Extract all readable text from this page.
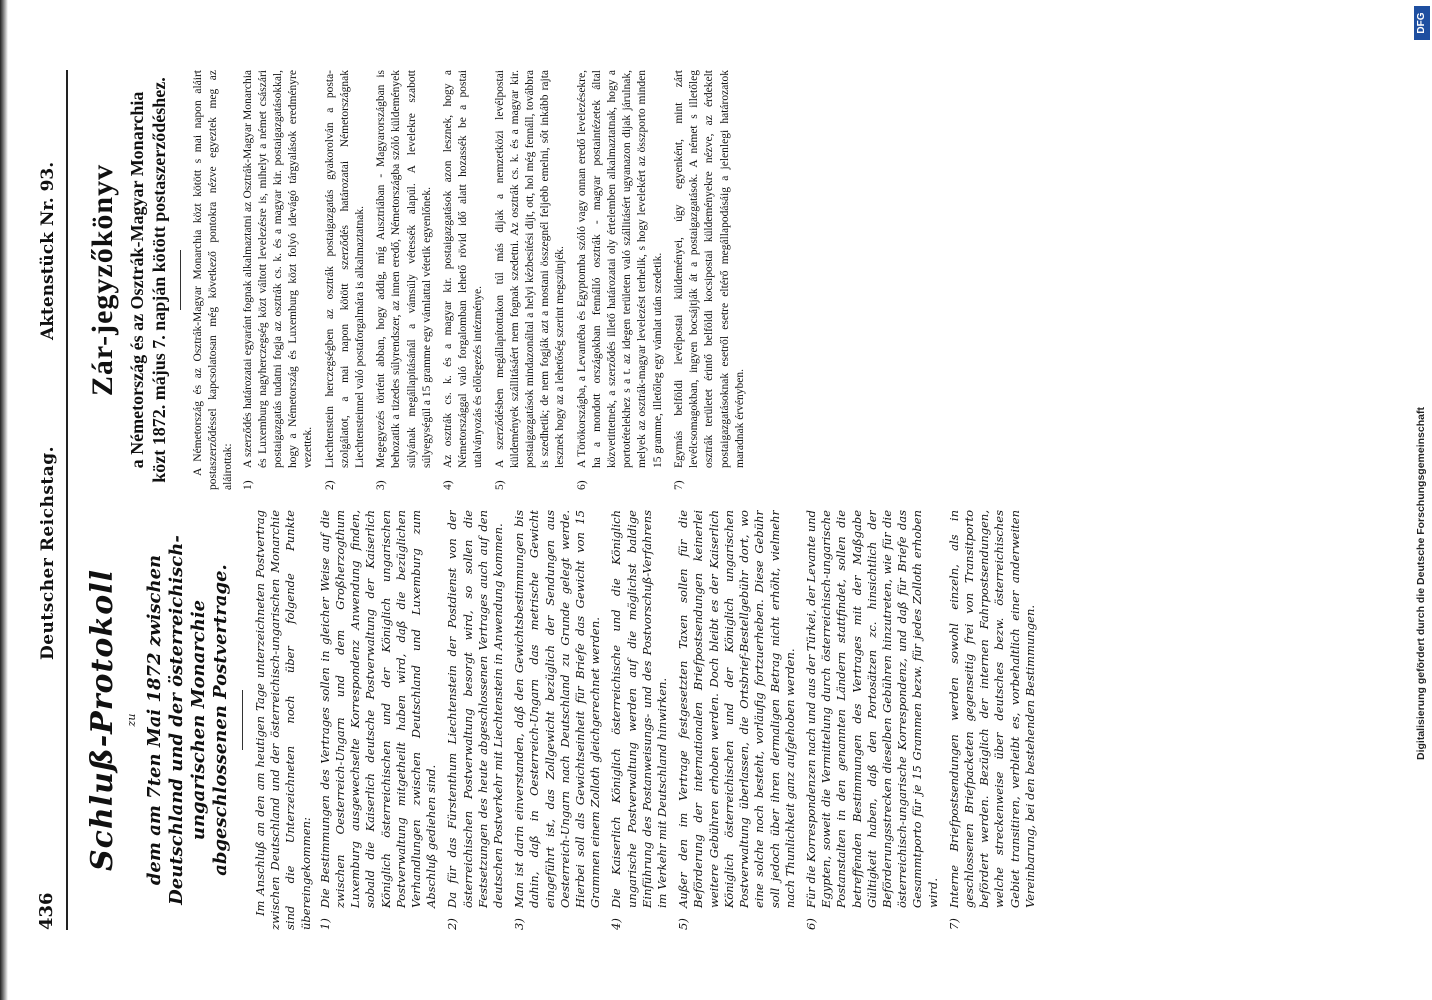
436
Deutscher Reichstag.
Aktenstück Nr. 93.
Schluß-Protokoll zu dem am 7ten Mai 1872 zwischen Deutschland und der österreichisch-ungarischen Monarchie abgeschlossenen Postvertrage. Im Anschluß an den am heutigen Tage unterzeichneten Postvertrag zwischen Deutschland und der österreichisch-ungarischen Monarchie sind die Unterzeichneten noch über folgende Punkte übereingekommen: 1)
Die Bestimmungen des Vertrages sollen in gleicher Weise auf die zwischen Oesterreich-Ungarn und dem Großherzogthum Luxemburg ausgewechselte Korrespondenz Anwendung finden, sobald die Kaiserlich deutsche Postverwaltung der Kaiserlich Königlich österreichischen und der Königlich ungarischen Postverwaltung mitgetheilt haben wird, daß die bezüglichen Verhandlungen zwischen Deutschland und Luxemburg zum Abschluß gediehen sind.
2)
Da für das Fürstenthum Liechtenstein der Postdienst von der österreichischen Postverwaltung besorgt wird, so sollen die Festsetzungen des heute abgeschlossenen Vertrages auch auf den deutschen Postverkehr mit Liechtenstein in Anwendung kommen.
3)
Man ist darin einverstanden, daß den Gewichtsbestimmungen bis dahin, daß in Oesterreich-Ungarn das metrische Gewicht eingeführt ist, das Zollgewicht bezüglich der Sendungen aus Oesterreich-Ungarn nach Deutschland zu Grunde gelegt werde. Hierbei soll als Gewichtseinheit für Briefe das Gewicht von 15 Grammen einem Zolloth gleichgerechnet werden.
4)
Die Kaiserlich Königlich österreichische und die Königlich ungarische Postverwaltung werden auf die möglichst baldige Einführung des Postanweisungs- und des Postvorschuß-Verfahrens im Verkehr mit Deutschland hinwirken.
5)
Außer den im Vertrage festgesetzten Taxen sollen für die Beförderung der internationalen Briefpostsendungen keinerlei weitere Gebühren erhoben werden. Doch bleibt es der Kaiserlich Königlich österreichischen und der Königlich ungarischen Postverwaltung überlassen, die Ortsbrief-Bestellgebühr dort, wo eine solche noch besteht, vorläufig fortzuerheben. Diese Gebühr soll jedoch über ihren dermaligen Betrag nicht erhöht, vielmehr nach Thunlichkeit ganz aufgehoben werden.
6)
Für die Korrespondenzen nach und aus der Türkei, der Levante und Egypten, soweit die Vermittelung durch österreichisch-ungarische Postanstalten in den genannten Ländern stattfindet, sollen die betreffenden Bestimmungen des Vertrages mit der Maßgabe Gültigkeit haben, daß den Portosätzen zc. hinsichtlich der Beförderungsstrecken dieselben Gebühren hinzutreten, wie für die österreichisch-ungarische Korrespondenz, und daß für Briefe das Gesammtporto für je 15 Grammen bezw. für jedes Zolloth erhoben wird.
7)
Interne Briefpostsendungen werden sowohl einzeln, als in geschlossenen Briefpacketen gegenseitig frei von Transitporto befördert werden. Bezüglich der internen Fahrpostsendungen, welche streckenweise über deutsches bezw. österreichisches Gebiet transitiren, verbleibt es, vorbehaltlich einer anderweiten Vereinbarung, bei den bestehenden Bestimmungen.
Zár-jegyzőkönyv a Németország és az Osztrák-Magyar Monarchia közt 1872. május 7. napján kötött postaszerződéshez. A Németország és az Osztrák-Magyar Monarchia közt kötött s mai napon aláirt postaszerződéssel kapcsolatosan még következő pontokra nézve egyeztek meg az aláirottak: 1)
A szerződés határozatai egyaránt fognak alkalmaztatni az Osztrák-Magyar Monarchia és Luxemburg nagyherczegség közt váltott levelezésre is, mihelyt a német császári postaigazgatás tudatni fogja az osztrák cs. k. és a magyar kir. postaigazgatásokkal, hogy a Németország és Luxemburg közt folyó idevágó tárgyalások eredményre vezettek.
2)
Liechtenstein herczegségben az osztrák postaigazgatás gyakorolván a posta-szolgálatot, a mai napon kötött szerződés határozatai Németországnak Liechtensteinnel való postaforgalmára is alkalmaztatnak.
3)
Megegyezés történt abban, hogy addig, míg Ausztriában - Magyarországban is behozatik a tizedes súlyrendszer, az innen eredő, Németországba szóló küldemények súlyának megállapításánál a vámsúly vétessék alapúl. A levelekre szabott súlyegységül a 15 gramme egy vámlattal vétetik egyenlőnek.
4)
Az osztrák cs. k. és a magyar kir. postaigazgatások azon lesznek, hogy a Németországgal való forgalomban lehető rövid idő alatt hozassék be a postai utalványozás és előlegezés intézménye.
5)
A szerződésben megállapítottakon túl más dijak a nemzetközi levélpostai küldemények szállitásáért nem fognak szedetni. Az osztrák cs. k. és a magyar kir. postaigazgatások mindazonáltal a helyi kézbesítési dijt, ott, hol még fennáll, továbbra is szedhetik; de nem fogják azt a mostani összegnél feljebb emelni, sőt inkább rajta lesznek hogy az a lehetőség szerint megszünjék.
6)
A Törökországba, a Levantéba és Egyptomba szóló vagy onnan eredő levelezésekre, ha a mondott országokban fennálló osztrák - magyar postaintézetek által közvetittetnek, a szerződés illető határozatai oly értelemben alkalmaztatnak, hogy a portotételekhez s a t. az idegen területen való szállitásért ugyanazon dijak járulnak, melyek az osztrák-magyar levelezést terhelik, s hogy levelekért az összporto minden 15 gramme, illetőleg egy vámlat után szedetik.
7)
Egymás belföldi levélpostai küldeményei, úgy egyenként, mint zárt levélcsomagokban, ingyen bocsájtják át a postaigazgatások. A német s illetőleg osztrák területet érintő belföldi kocsipostai küldeményekre nézve, az érdekelt postaigazgatásoknak esetről esetre eltérő megállapodásáig a jelenlegi határozatok maradnak érvényben.	Digitalisierung gefördert durch die Deutsche Forschungsgemeinschaft
DFG
